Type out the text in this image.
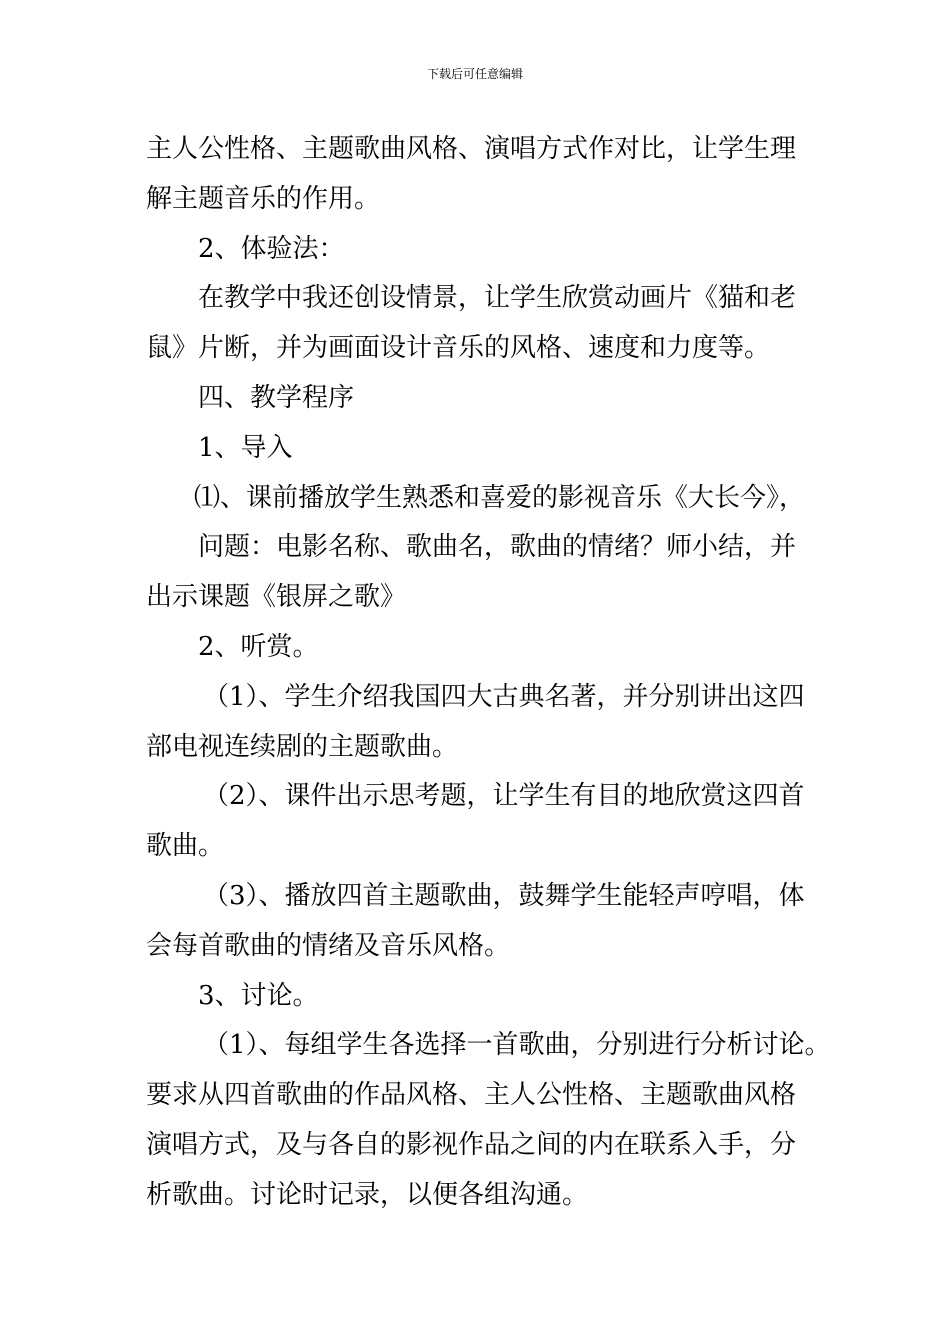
下载后可任意编辑
主人公性格、主题歌曲风格、演唱方式作对比，让学生理
解主题音乐的作用。
2、体验法：
在教学中我还创设情景，让学生欣赏动画片《猫和老
鼠》片断，并为画面设计音乐的风格、速度和力度等。
四、教学程序
1、导入
⑴、课前播放学生熟悉和喜爱的影视音乐《大长今》，
问题：电影名称、歌曲名，歌曲的情绪？师小结，并
出示课题《银屏之歌》
2、听赏。
（1）、学生介绍我国四大古典名著，并分别讲出这四
部电视连续剧的主题歌曲。
（2）、课件出示思考题，让学生有目的地欣赏这四首
歌曲。
（3）、播放四首主题歌曲，鼓舞学生能轻声哼唱，体
会每首歌曲的情绪及音乐风格。
3、讨论。
（1）、每组学生各选择一首歌曲，分别进行分析讨论。
要求从四首歌曲的作品风格、主人公性格、主题歌曲风格
演唱方式，及与各自的影视作品之间的内在联系入手，分
析歌曲。讨论时记录，以便各组沟通。
